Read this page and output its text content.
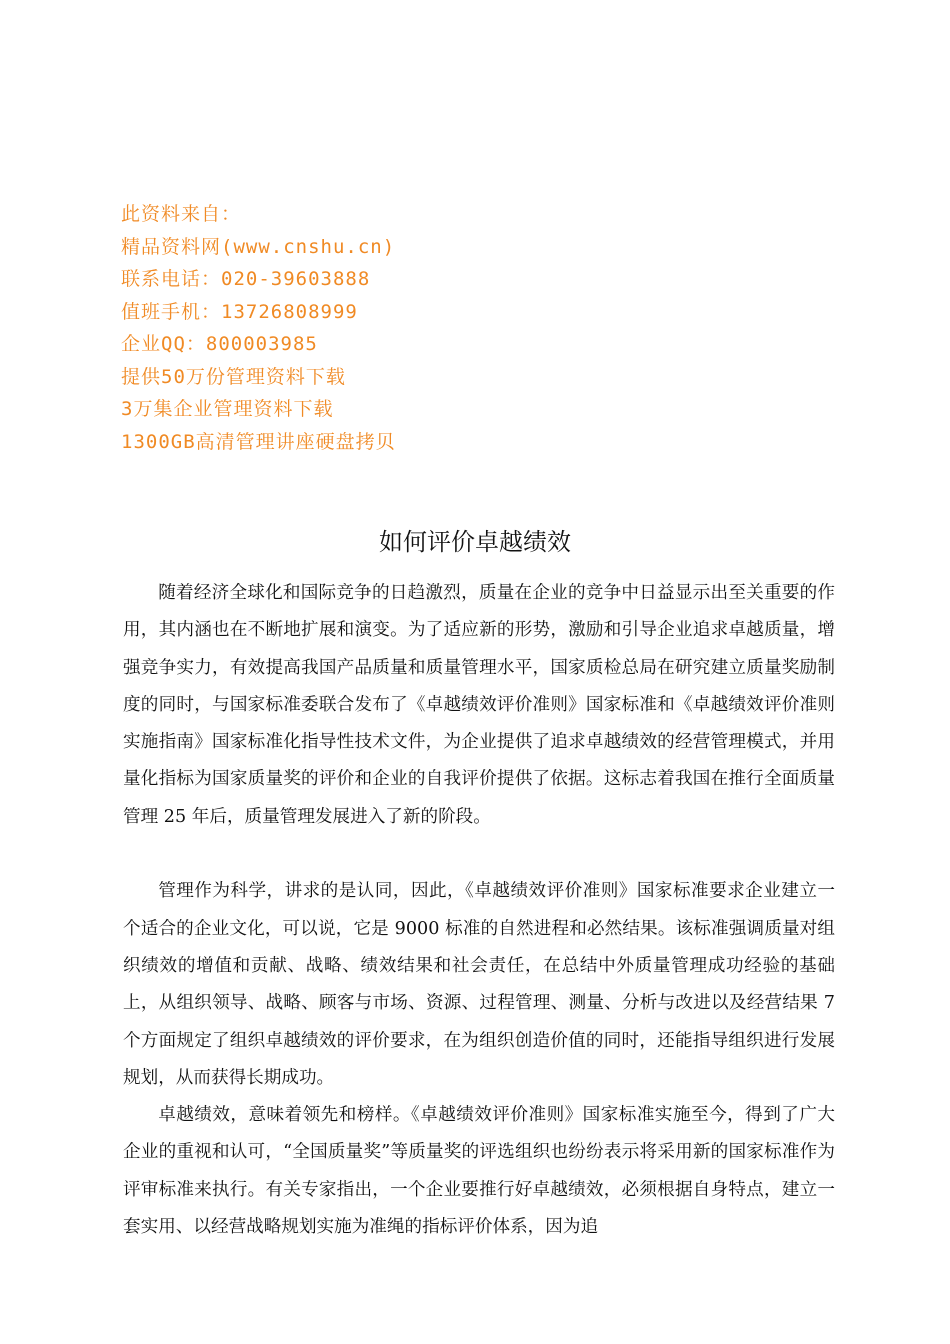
此资料来自：
精品资料网(www.cnshu.cn)
联系电话：020-39603888
值班手机：13726808999
企业QQ：800003985
提供50万份管理资料下载
3万集企业管理资料下载
1300GB高清管理讲座硬盘拷贝
如何评价卓越绩效

随着经济全球化和国际竞争的日趋激烈，质量在企业的竞争中日益显示出至关重要的作用，其内涵也在不断地扩展和演变。为了适应新的形势，激励和引导企业追求卓越质量，增强竞争实力，有效提高我国产品质量和质量管理水平，国家质检总局在研究建立质量奖励制度的同时，与国家标准委联合发布了《卓越绩效评价准则》国家标准和《卓越绩效评价准则实施指南》国家标准化指导性技术文件，为企业提供了追求卓越绩效的经营管理模式，并用量化指标为国家质量奖的评价和企业的自我评价提供了依据。这标志着我国在推行全面质量管理 25 年后，质量管理发展进入了新的阶段。

管理作为科学，讲求的是认同，因此，《卓越绩效评价准则》国家标准要求企业建立一个适合的企业文化，可以说，它是 9000 标准的自然进程和必然结果。该标准强调质量对组织绩效的增值和贡献、战略、绩效结果和社会责任，在总结中外质量管理成功经验的基础上，从组织领导、战略、顾客与市场、资源、过程管理、测量、分析与改进以及经营结果 7 个方面规定了组织卓越绩效的评价要求，在为组织创造价值的同时，还能指导组织进行发展规划，从而获得长期成功。

卓越绩效，意味着领先和榜样。《卓越绩效评价准则》国家标准实施至今，得到了广大企业的重视和认可，“全国质量奖”等质量奖的评选组织也纷纷表示将采用新的国家标准作为评审标准来执行。有关专家指出，一个企业要推行好卓越绩效，必须根据自身特点，建立一套实用、以经营战略规划实施为准绳的指标评价体系，因为追
